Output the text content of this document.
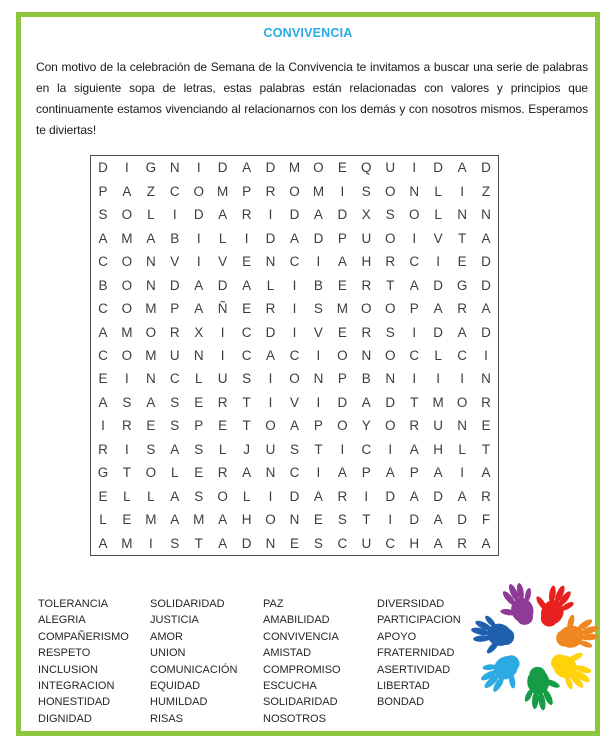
CONVIVENCIA

Con motivo de la celebración de Semana de la Convivencia te invitamos a buscar una serie de palabras en la siguiente sopa de letras, estas palabras están relacionadas con valores y principios que continuamente estamos vivenciando al relacionarnos con los demás y con nosotros mismos. Esperamos te diviertas!

D	I	G	N	I	D	A	D M O	E	Q	U	I	D	A	D
P	A	Z	C	O M	P	R	O M	I	S	O	N	L	I	Z
S	O	L	I	D	A	R	I	D	A	D	X	S	O	L	N	N
A	M	A	B	I	L	I	D	A	D	P	U	O	I	V	T	A
C	O	N	V	I	V	E	N	C	I	A	H	R	C	I	E	D
B	O	N	D	A	D	A	L	I	B	E	R	T	A	D	G	D
C	O M	P	A	Ñ	E	R	I	S	M O O	P	A	R	A
A	M O	R	X	I	C	D	I	V	E	R	S	I	D	A	D
C	O M U	N	I	C	A	C	I	O	N	O	C	L	C	I
E	I	N	C	L	U	S	I	O	N	P	B	N	I	I	I	N
A	S	A	S	E	R	T	I	V	I	D	A	D	T	M O	R
I	R	E	S	P	E	T	O	A	P	O	Y	O	R	U	N	E
R	I	S	A	S	L	J	U	S	T	I	C	I	A	H	L	T
G	T	O	L	E	R	A	N	C	I	A	P	A	P	A	I	A
E	L	L	A	S	O	L	I	D	A	R	I	D	A	D	A	R
L	E	M	A	M	A	H	O	N	E	S	T	I	D	A	D	F
A	M	I	S	T	A	D	N	E	S	C	U	C	H	A	R	A
TOLERANCIA
ALEGRIA
COMPAÑERISMO
RESPETO
INCLUSION
INTEGRACION
HONESTIDAD
DIGNIDAD
SOLIDARIDAD
JUSTICIA
AMOR
UNION
COMUNICACIÓN
EQUIDAD
HUMILDAD
RISAS
PAZ
AMABILIDAD
CONVIVENCIA
AMISTAD
COMPROMISO
ESCUCHA
SOLIDARIDAD
NOSOTROS
DIVERSIDAD
PARTICIPACION
APOYO
FRATERNIDAD
ASERTIVIDAD
LIBERTAD
BONDAD
